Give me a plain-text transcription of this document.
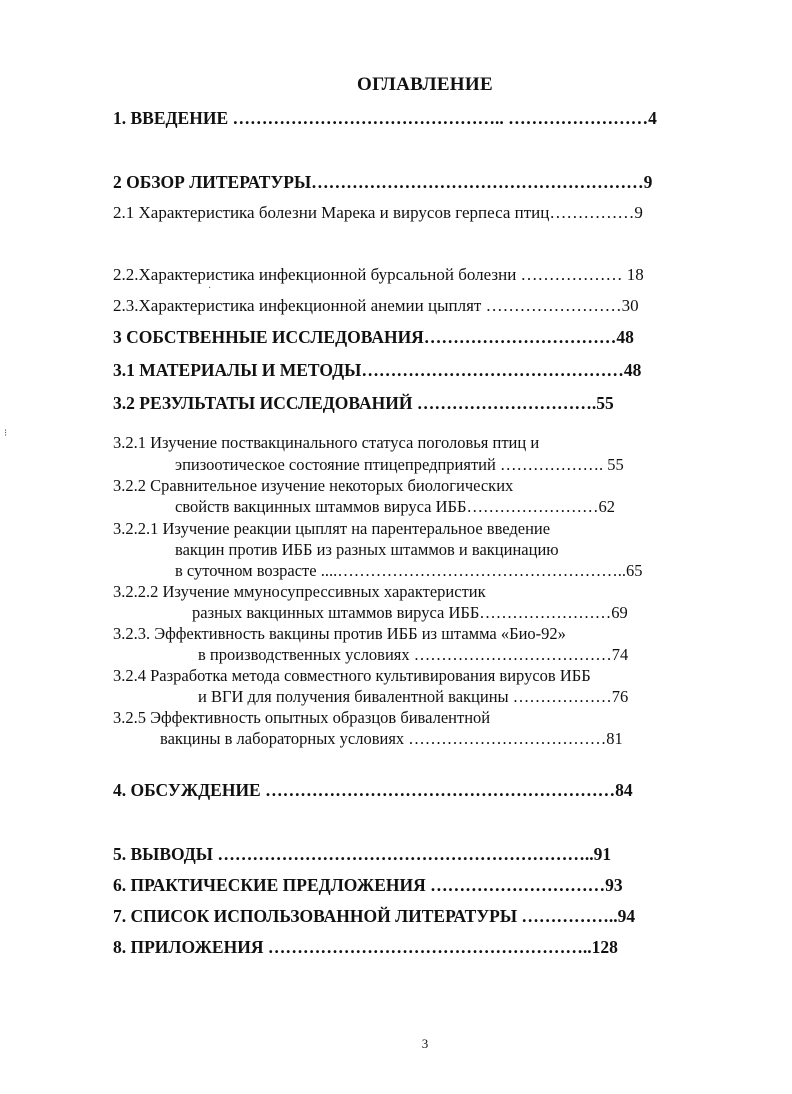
ОГЛАВЛЕНИЕ
1. ВВЕДЕНИЕ ……………………………………….. ……………………4
2 ОБЗОР ЛИТЕРАТУРЫ…………………………………………………9
2.1 Характеристика болезни Марека и вирусов герпеса птиц……………9
2.2.Характеристика инфекционной бурсальной болезни ……………… 18
2.3.Характеристика инфекционной анемии цыплят ……………………30
3 СОБСТВЕННЫЕ ИССЛЕДОВАНИЯ……………………………48
3.1 МАТЕРИАЛЫ И МЕТОДЫ………………………………………48
3.2 РЕЗУЛЬТАТЫ ИССЛЕДОВАНИЙ ………………………….55
3.2.1 Изучение поствакцинального статуса поголовья птиц и
эпизоотическое состояние птицепредприятий ………………. 55
3.2.2 Сравнительное изучение некоторых биологических
свойств вакцинных штаммов вируса ИББ……………………62
3.2.2.1 Изучение реакции цыплят на парентеральное введение
вакцин против ИББ из разных штаммов и вакцинацию
в суточном возрасте ....……………………………………………..65
3.2.2.2 Изучение ммуносупрессивных характеристик
разных вакцинных штаммов вируса ИББ……………………69
3.2.3. Эффективность вакцины против ИББ из штамма «Био-92»
в производственных условиях ………………………………74
3.2.4 Разработка метода совместного культивирования вирусов ИББ
и ВГИ для получения бивалентной вакцины ………………76
3.2.5 Эффективность опытных образцов бивалентной
вакцины в лабораторных условиях ………………………………81
4. ОБСУЖДЕНИЕ ……………………………………………………84
5. ВЫВОДЫ ………………………………………………………..91
6. ПРАКТИЧЕСКИЕ ПРЕДЛОЖЕНИЯ …………………………93
7. СПИСОК ИСПОЛЬЗОВАННОЙ ЛИТЕРАТУРЫ ……………..94
8. ПРИЛОЖЕНИЯ ………………………………………………..128
3
⁝
·
